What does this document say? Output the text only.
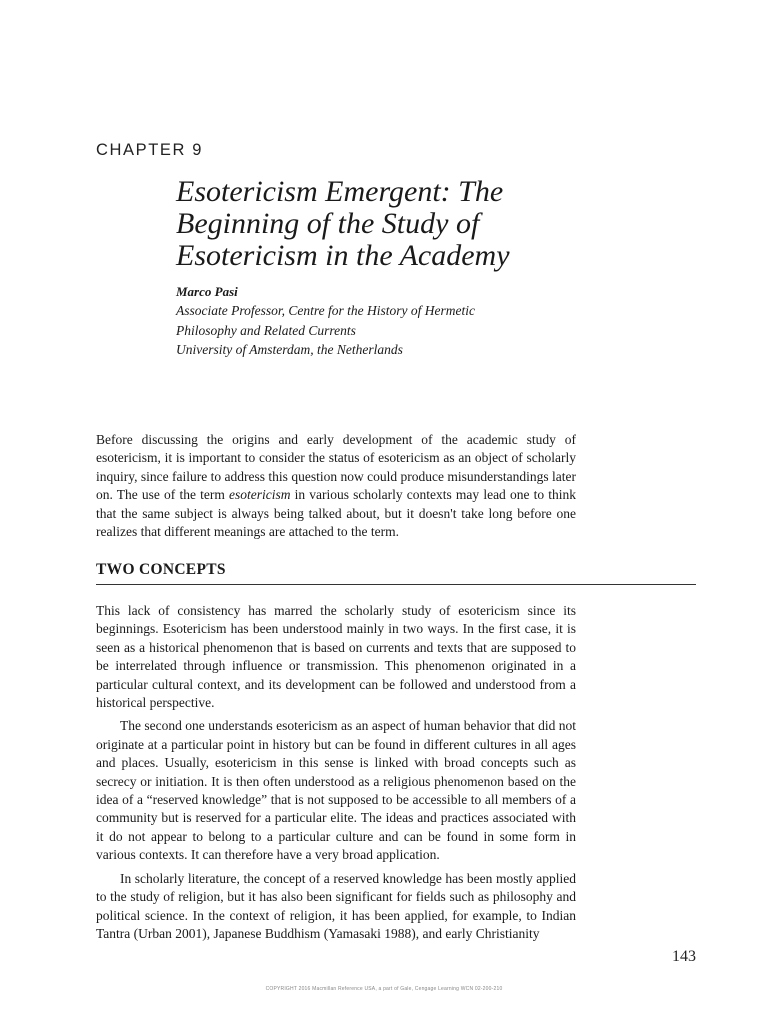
CHAPTER 9
Esotericism Emergent: The
Beginning of the Study of
Esotericism in the Academy
Marco Pasi
Associate Professor, Centre for the History of Hermetic
Philosophy and Related Currents
University of Amsterdam, the Netherlands

Before discussing the origins and early development of the academic study of esotericism, it is important to consider the status of esotericism as an object of scholarly inquiry, since failure to address this question now could produce misunderstandings later on. The use of the term esotericism in various scholarly contexts may lead one to think that the same subject is always being talked about, but it doesn't take long before one realizes that different meanings are attached to the term.

TWO CONCEPTS

This lack of consistency has marred the scholarly study of esotericism since its beginnings. Esotericism has been understood mainly in two ways. In the first case, it is seen as a historical phenomenon that is based on currents and texts that are supposed to be interrelated through influence or transmission. This phenomenon originated in a particular cultural context, and its development can be followed and understood from a historical perspective.

The second one understands esotericism as an aspect of human behavior that did not originate at a particular point in history but can be found in different cultures in all ages and places. Usually, esotericism in this sense is linked with broad concepts such as secrecy or initiation. It is then often understood as a religious phenomenon based on the idea of a “reserved knowledge” that is not supposed to be accessible to all members of a community but is reserved for a particular elite. The ideas and practices associated with it do not appear to belong to a particular culture and can be found in some form in various contexts. It can therefore have a very broad application.

In scholarly literature, the concept of a reserved knowledge has been mostly applied to the study of religion, but it has also been significant for fields such as philosophy and political science. In the context of religion, it has been applied, for example, to Indian Tantra (Urban 2001), Japanese Buddhism (Yamasaki 1988), and early Christianity

143
COPYRIGHT 2016 Macmillan Reference USA, a part of Gale, Cengage Learning WCN 02-200-210
